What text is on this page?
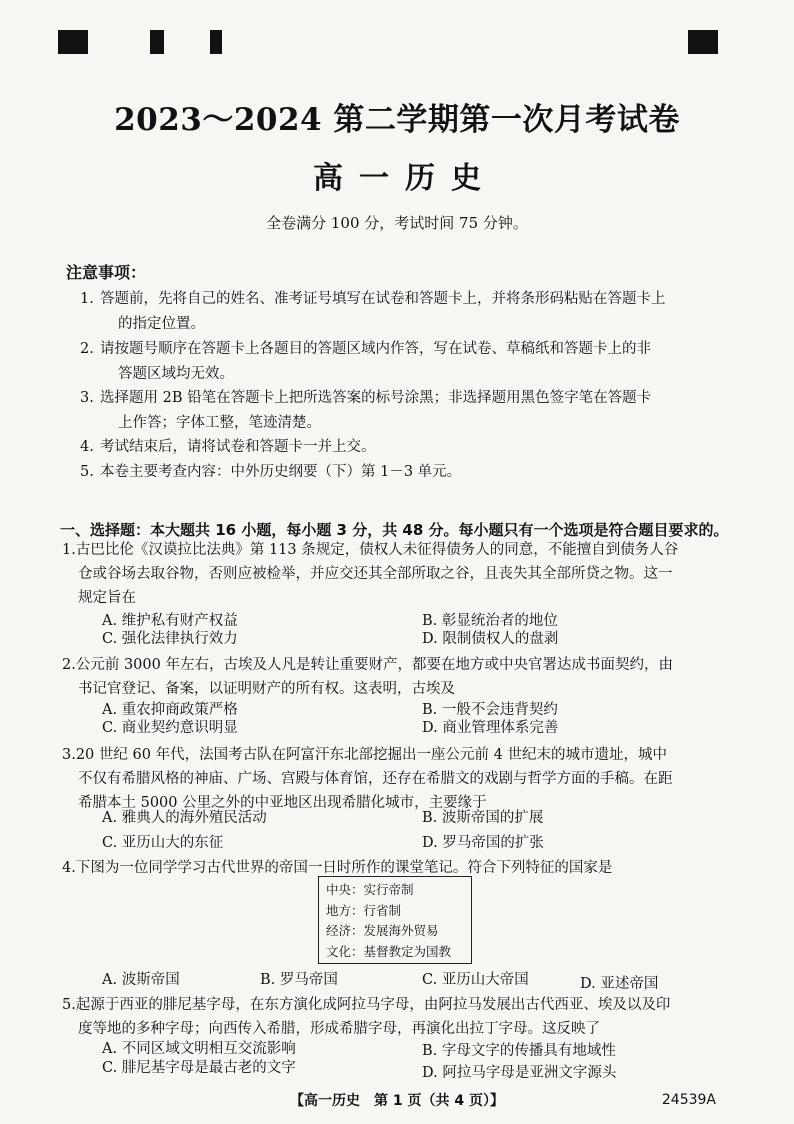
2023～2024 第二学期第一次月考试卷
高一历史
全卷满分 100 分，考试时间 75 分钟。
注意事项：
1. 答题前，先将自己的姓名、准考证号填写在试卷和答题卡上，并将条形码粘贴在答题卡上
的指定位置。
2. 请按题号顺序在答题卡上各题目的答题区域内作答，写在试卷、草稿纸和答题卡上的非
答题区域均无效。
3. 选择题用 2B 铅笔在答题卡上把所选答案的标号涂黑；非选择题用黑色签字笔在答题卡
上作答；字体工整，笔迹清楚。
4. 考试结束后，请将试卷和答题卡一并上交。
5. 本卷主要考查内容：中外历史纲要（下）第 1－3 单元。
一、选择题：本大题共 16 小题，每小题 3 分，共 48 分。每小题只有一个选项是符合题目要求的。
1.古巴比伦《汉谟拉比法典》第 113 条规定，债权人未征得债务人的同意，不能擅自到债务人谷
仓或谷场去取谷物，否则应被检举，并应交还其全部所取之谷，且丧失其全部所贷之物。这一
规定旨在
A. 维护私有财产权益	B. 彰显统治者的地位
C. 强化法律执行效力	D. 限制债权人的盘剥
2.公元前 3000 年左右，古埃及人凡是转让重要财产，都要在地方或中央官署达成书面契约，由
书记官登记、备案，以证明财产的所有权。这表明，古埃及
A. 重农抑商政策严格	B. 一般不会违背契约
C. 商业契约意识明显	D. 商业管理体系完善
3.20 世纪 60 年代，法国考古队在阿富汗东北部挖掘出一座公元前 4 世纪末的城市遗址，城中
不仅有希腊风格的神庙、广场、宫殿与体育馆，还存在希腊文的戏剧与哲学方面的手稿。在距
希腊本土 5000 公里之外的中亚地区出现希腊化城市，主要缘于
A. 雅典人的海外殖民活动	B. 波斯帝国的扩展
C. 亚历山大的东征	D. 罗马帝国的扩张
4.下图为一位同学学习古代世界的帝国一日时所作的课堂笔记。符合下列特征的国家是
中央：实行帝制
地方：行省制
经济：发展海外贸易
文化：基督教定为国教
A. 波斯帝国	B. 罗马帝国	C. 亚历山大帝国	D. 亚述帝国
5.起源于西亚的腓尼基字母，在东方演化成阿拉马字母，由阿拉马发展出古代西亚、埃及以及印
度等地的多种字母；向西传入希腊，形成希腊字母，再演化出拉丁字母。这反映了
A. 不同区域文明相互交流影响	B. 字母文字的传播具有地域性
C. 腓尼基字母是最古老的文字	D. 阿拉马字母是亚洲文字源头
【高一历史　第 1 页（共 4 页）】	24539A
